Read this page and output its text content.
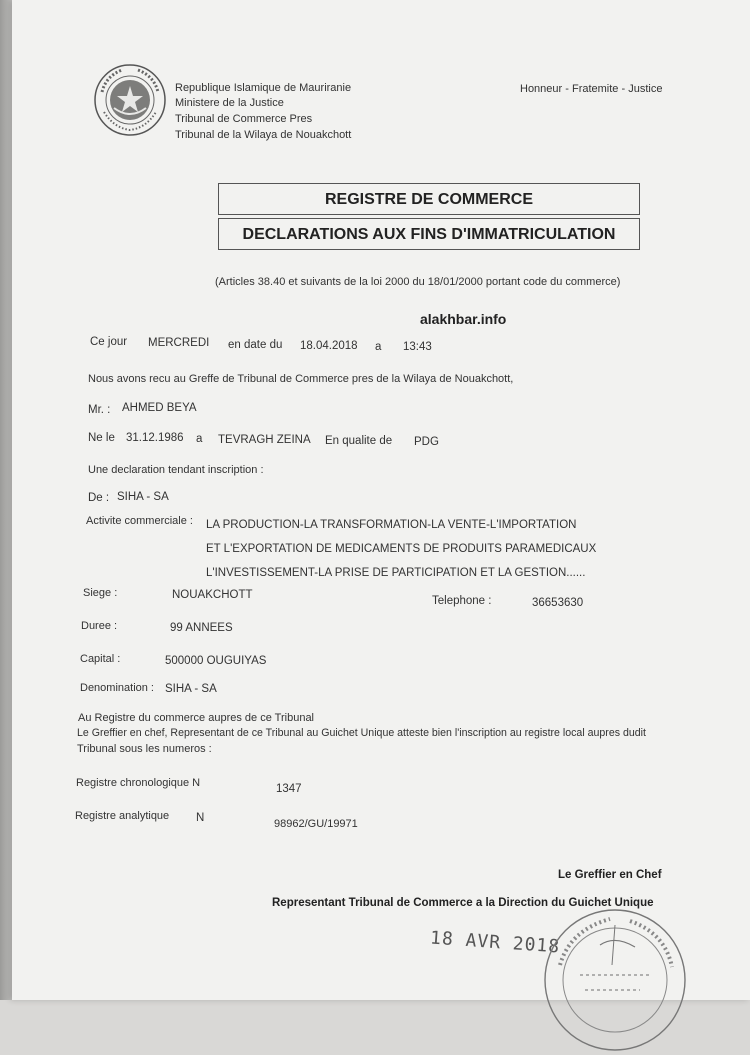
Republique Islamique de Mauriranie
Ministere de la Justice
Tribunal de Commerce Pres
Tribunal de la Wilaya de Nouakchott
Honneur - Fratemite - Justice
REGISTRE DE COMMERCE
DECLARATIONS AUX FINS D'IMMATRICULATION
(Articles 38.40 et suivants de la loi 2000 du 18/01/2000 portant code du commerce)
alakhbar.info
Ce jour MERCREDI en date du 18.04.2018 a 13:43
Nous avons recu au Greffe de Tribunal de Commerce pres de la Wilaya de Nouakchott,
Mr. : AHMED BEYA
Ne le 31.12.1986 a TEVRAGH ZEINA En qualite de PDG
Une declaration tendant inscription :
De : SIHA - SA
Activite commerciale : LA PRODUCTION-LA TRANSFORMATION-LA VENTE-L'IMPORTATION
ET L'EXPORTATION DE MEDICAMENTS DE PRODUITS PARAMEDICAUX
L'INVESTISSEMENT-LA PRISE DE PARTICIPATION ET LA GESTION......
Siege :	NOUAKCHOTT	Telephone :	36653630
Duree :	99 ANNEES
Capital :	500000 OUGUIYAS
Denomination : SIHA - SA
Au Registre du commerce aupres de ce Tribunal
Le Greffier en chef, Representant de ce Tribunal au Guichet Unique atteste bien l'inscription au registre local aupres dudit
Tribunal sous les numeros :
Registre chronologique N	1347
Registre analytique N	98962/GU/19971
Le Greffier en Chef
Representant Tribunal de Commerce a la Direction du Guichet Unique
18 AVR 2018
